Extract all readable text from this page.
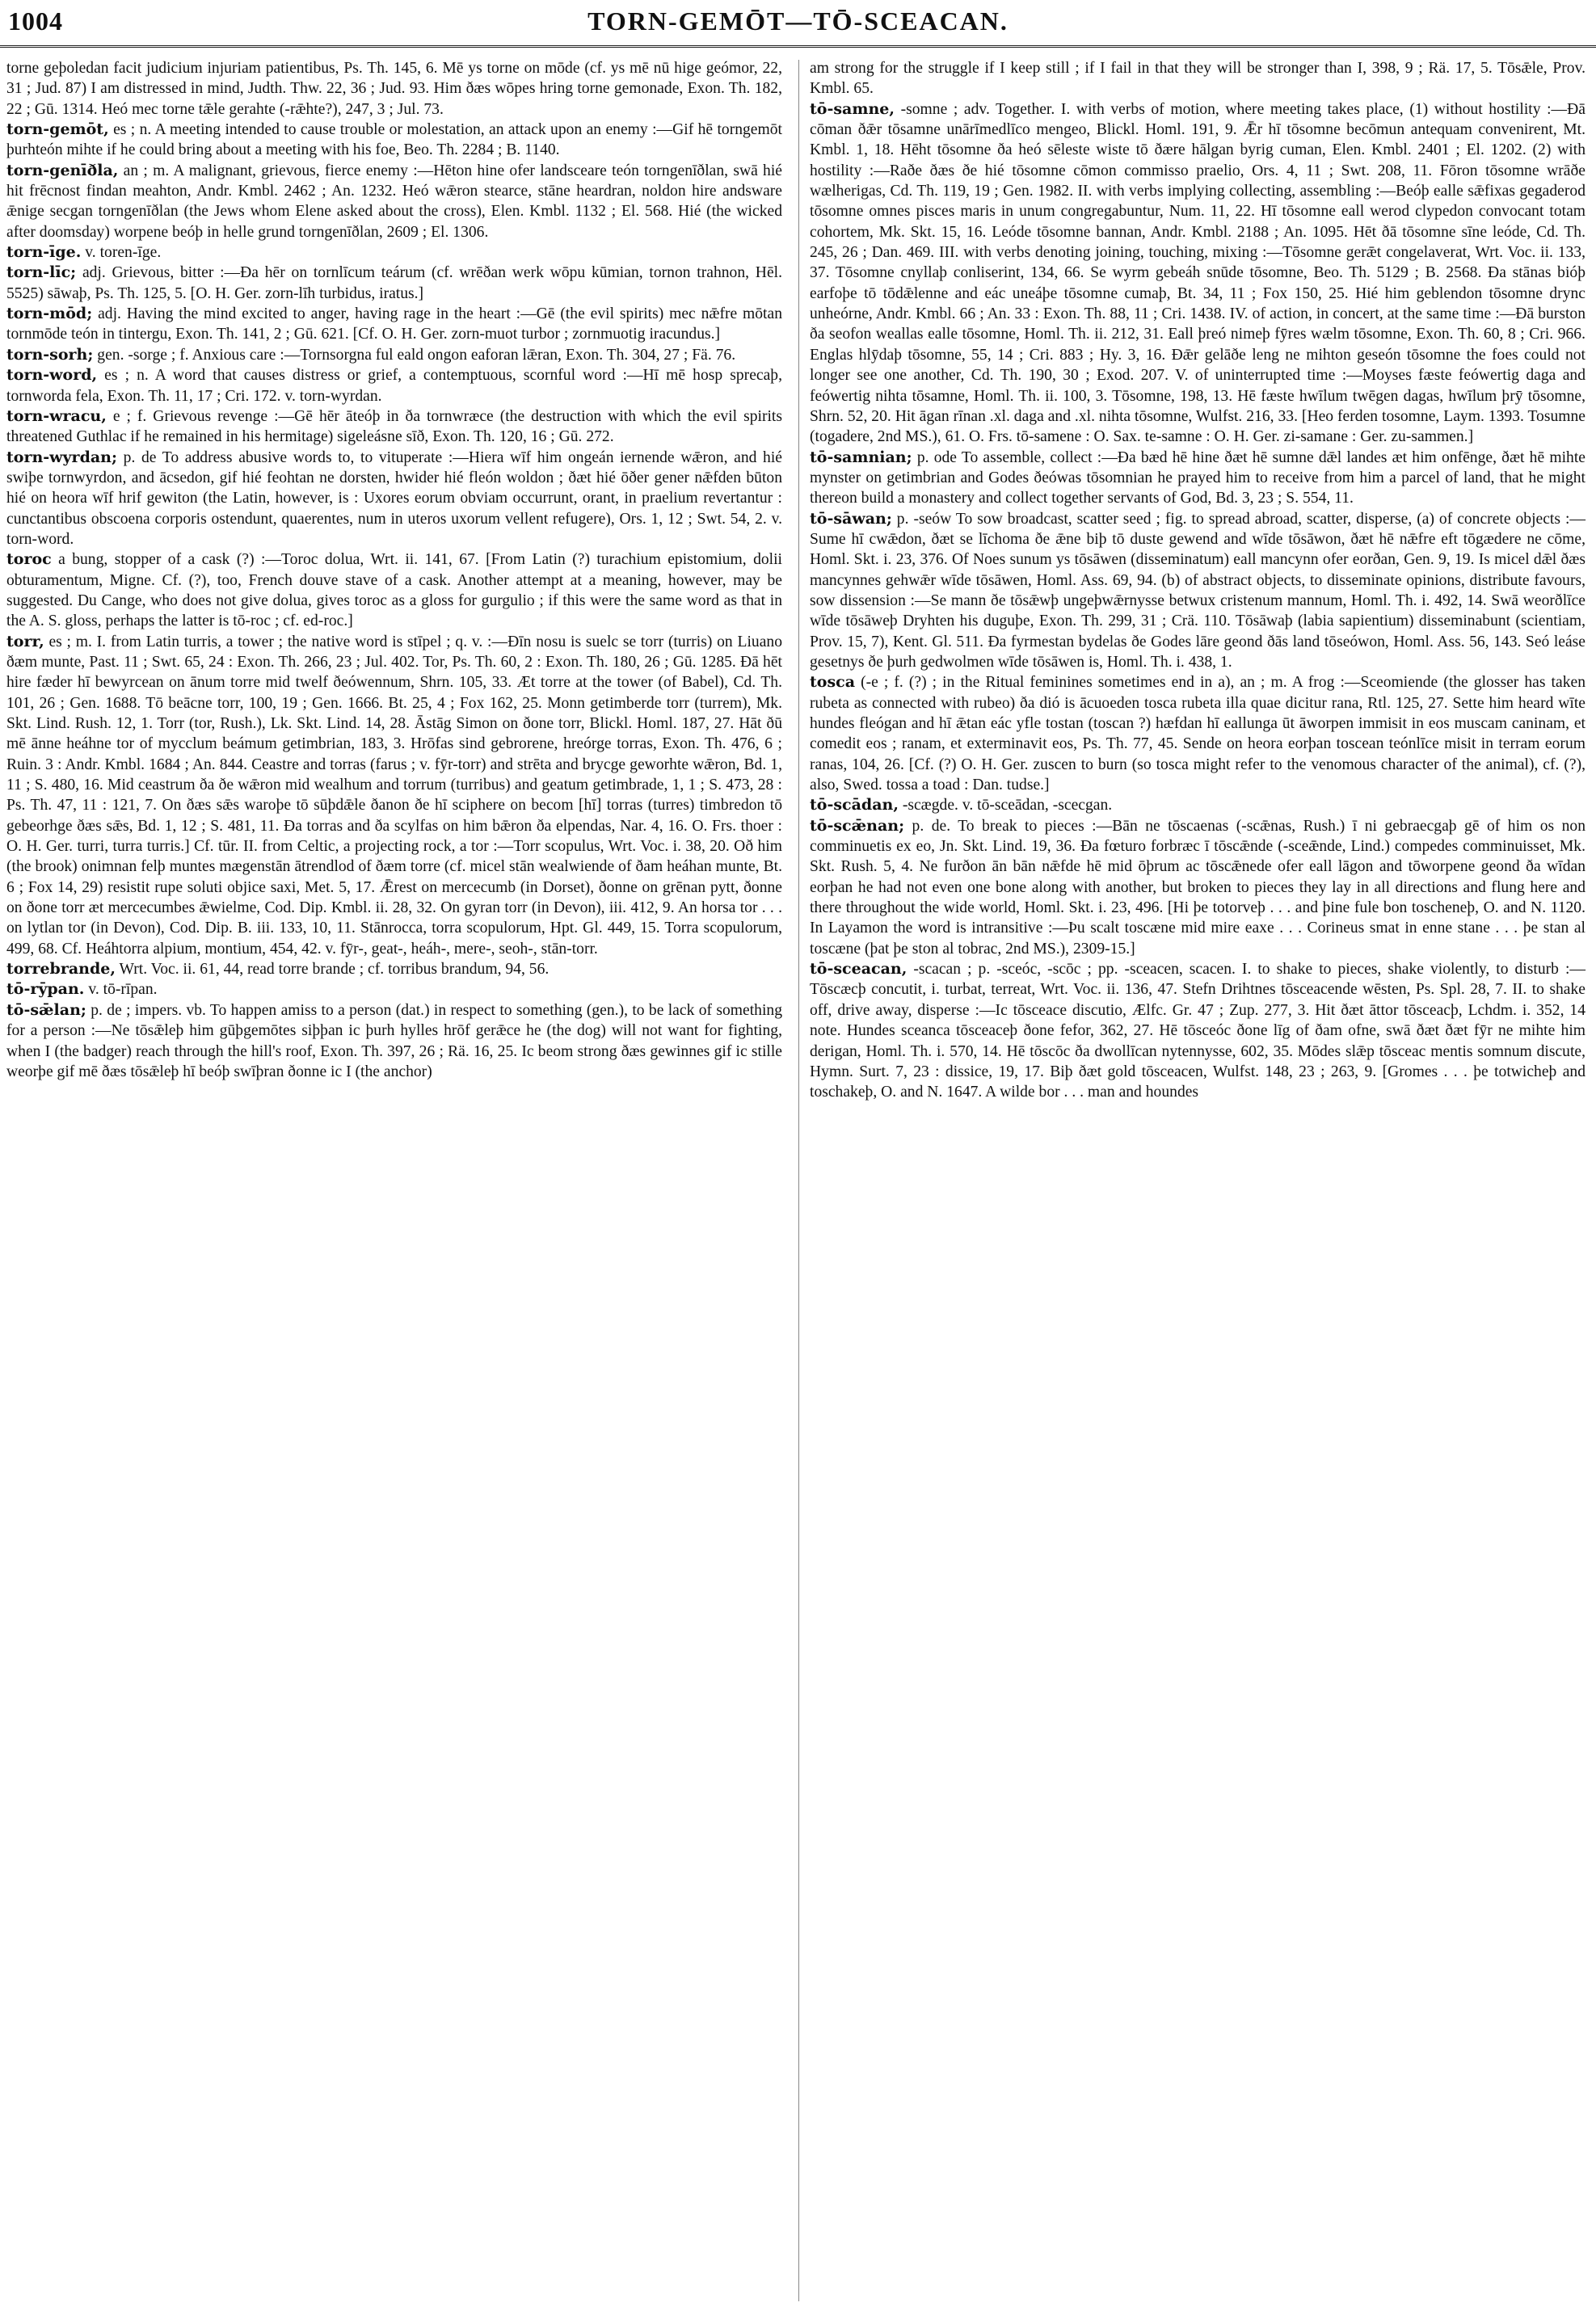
1004	TORN-GEMŌT—TŌ-SCEACAN.

torne geþoledan facit judicium injuriam patientibus, Ps. Th. 145, 6. Mē ys torne on mōde (cf. ys mē nū hige geómor, 22, 31 ; Jud. 87) I am distressed in mind, Judth. Thw. 22, 36 ; Jud. 93. Him ðæs wōpes hring torne gemonade, Exon. Th. 182, 22 ; Gū. 1314. Heó mec torne tǣle gerahte (-rǣhte?), 247, 3 ; Jul. 73.

torn-gemōt, es ; n. A meeting intended to cause trouble or molestation, an attack upon an enemy :—Gif hē torngemōt þurhteón mihte if he could bring about a meeting with his foe, Beo. Th. 2284 ; B. 1140.

torn-genīðla, an ; m. A malignant, grievous, fierce enemy :—Hēton hine ofer landsceare teón torngenīðlan, swā hié hit frēcnost findan meahton, Andr. Kmbl. 2462 ; An. 1232. Heó wǣron stearce, stāne heardran, noldon hire andsware ǣnige secgan torngenīðlan (the Jews whom Elene asked about the cross), Elen. Kmbl. 1132 ; El. 568. Hié (the wicked after doomsday) worpene beóþ in helle grund torngenīðlan, 2609 ; El. 1306.

torn-īge. v. toren-īge.

torn-līc; adj. Grievous, bitter :—Ða hēr on tornlīcum teárum (cf. wrēðan werk wōpu kūmian, tornon trahnon, Hēl. 5525) sāwaþ, Ps. Th. 125, 5. [O. H. Ger. zorn-līh turbidus, iratus.]

torn-mōd; adj. Having the mind excited to anger, having rage in the heart :—Gē (the evil spirits) mec nǣfre mōtan tornmōde teón in tintergu, Exon. Th. 141, 2 ; Gū. 621. [Cf. O. H. Ger. zorn-muot turbor ; zornmuotig iracundus.]

torn-sorh; gen. -sorge ; f. Anxious care :—Tornsorgna ful eald ongon eaforan lǣran, Exon. Th. 304, 27 ; Fä. 76.

torn-word, es ; n. A word that causes distress or grief, a contemptuous, scornful word :—Hī mē hosp sprecaþ, tornworda fela, Exon. Th. 11, 17 ; Cri. 172. v. torn-wyrdan.

torn-wracu, e ; f. Grievous revenge :—Gē hēr āteóþ in ða tornwræce (the destruction with which the evil spirits threatened Guthlac if he remained in his hermitage) sigeleásne sīð, Exon. Th. 120, 16 ; Gū. 272.

torn-wyrdan; p. de To address abusive words to, to vituperate :—Hiera wīf him ongeán iernende wǣron, and hié swiþe tornwyrdon, and ācsedon, gif hié feohtan ne dorsten, hwider hié fleón woldon ; ðæt hié ōðer gener nǣfden būton hié on heora wīf hrif gewiton (the Latin, however, is : Uxores eorum obviam occurrunt, orant, in praelium revertantur : cunctantibus obscoena corporis ostendunt, quaerentes, num in uteros uxorum vellent refugere), Ors. 1, 12 ; Swt. 54, 2. v. torn-word.

toroc a bung, stopper of a cask (?) :—Toroc dolua, Wrt. ii. 141, 67. [From Latin (?) turachium epistomium, dolii obturamentum, Migne. Cf. (?), too, French douve stave of a cask. Another attempt at a meaning, however, may be suggested. Du Cange, who does not give dolua, gives toroc as a gloss for gurgulio ; if this were the same word as that in the A. S. gloss, perhaps the latter is tō-roc ; cf. ed-roc.]

torr, es ; m. I. from Latin turris, a tower ; the native word is stīpel ; q. v. :—Ðīn nosu is suelc se torr (turris) on Liuano ðæm munte, Past. 11 ; Swt. 65, 24 : Exon. Th. 266, 23 ; Jul. 402. Tor, Ps. Th. 60, 2 : Exon. Th. 180, 26 ; Gū. 1285. Ðā hēt hire fæder hī bewyrcean on ānum torre mid twelf ðeówennum, Shrn. 105, 33. Æt torre at the tower (of Babel), Cd. Th. 101, 26 ; Gen. 1688. Tō beācne torr, 100, 19 ; Gen. 1666. Bt. 25, 4 ; Fox 162, 25. Monn getimberde torr (turrem), Mk. Skt. Lind. Rush. 12, 1. Torr (tor, Rush.), Lk. Skt. Lind. 14, 28. Āstāg Simon on ðone torr, Blickl. Homl. 187, 27. Hāt ðū mē ānne heáhne tor of mycclum beámum getimbrian, 183, 3. Hrōfas sind gebrorene, hreórge torras, Exon. Th. 476, 6 ; Ruin. 3 : Andr. Kmbl. 1684 ; An. 844. Ceastre and torras (farus ; v. fȳr-torr) and strēta and brycge geworhte wǣron, Bd. 1, 11 ; S. 480, 16. Mid ceastrum ða ðe wǣron mid wealhum and torrum (turribus) and geatum getimbrade, 1, 1 ; S. 473, 28 : Ps. Th. 47, 11 : 121, 7. On ðæs sǣs waroþe tō sūþdǣle ðanon ðe hī sciphere on becom [hī] torras (turres) timbredon tō gebeorhge ðæs sǣs, Bd. 1, 12 ; S. 481, 11. Ða torras and ða scylfas on him bǣron ða elpendas, Nar. 4, 16. O. Frs. thoer : O. H. Ger. turri, turra turris.] Cf. tūr. II. from Celtic, a projecting rock, a tor :—Torr scopulus, Wrt. Voc. i. 38, 20. Oð him (the brook) onimnan felþ muntes mægenstān ātrendlod of ðæm torre (cf. micel stān wealwiende of ðam heáhan munte, Bt. 6 ; Fox 14, 29) resistit rupe soluti objice saxi, Met. 5, 17. Ǣrest on mercecumb (in Dorset), ðonne on grēnan pytt, ðonne on ðone torr æt mercecumbes ǣwielme, Cod. Dip. Kmbl. ii. 28, 32. On gyran torr (in Devon), iii. 412, 9. An horsa tor . . . on lytlan tor (in Devon), Cod. Dip. B. iii. 133, 10, 11. Stānrocca, torra scopulorum, Hpt. Gl. 449, 15. Torra scopulorum, 499, 68. Cf. Heáhtorra alpium, montium, 454, 42. v. fȳr-, geat-, heáh-, mere-, seoh-, stān-torr.

torrebrande, Wrt. Voc. ii. 61, 44, read torre brande ; cf. torribus brandum, 94, 56.

tō-rȳpan. v. tō-rīpan.

tō-sǣlan; p. de ; impers. vb. To happen amiss to a person (dat.) in respect to something (gen.), to be lack of something for a person :—Ne tōsǣleþ him gūþgemōtes siþþan ic þurh hylles hrōf gerǣce he (the dog) will not want for fighting, when I (the badger) reach through the hill's roof, Exon. Th. 397, 26 ; Rä. 16, 25. Ic beom strong ðæs gewinnes gif ic stille weorþe gif mē ðæs tōsǣleþ hī beóþ swīþran ðonne ic I (the anchor)

am strong for the struggle if I keep still ; if I fail in that they will be stronger than I, 398, 9 ; Rä. 17, 5. Tōsǣle, Prov. Kmbl. 65.

tō-samne, -somne ; adv. Together. I. with verbs of motion, where meeting takes place, (1) without hostility :—Ðā cōman ðǣr tōsamne unārīmedlīco mengeo, Blickl. Homl. 191, 9. Ǣr hī tōsomne becōmun antequam convenirent, Mt. Kmbl. 1, 18. Hēht tōsomne ða heó sēleste wiste tō ðære hālgan byrig cuman, Elen. Kmbl. 2401 ; El. 1202. (2) with hostility :—Raðe ðæs ðe hié tōsomne cōmon commisso praelio, Ors. 4, 11 ; Swt. 208, 11. Fōron tōsomne wrāðe wælherigas, Cd. Th. 119, 19 ; Gen. 1982. II. with verbs implying collecting, assembling :—Beóþ ealle sǣfixas gegaderod tōsomne omnes pisces maris in unum congregabuntur, Num. 11, 22. Hī tōsomne eall werod clypedon convocant totam cohortem, Mk. Skt. 15, 16. Leóde tōsomne bannan, Andr. Kmbl. 2188 ; An. 1095. Hēt ðā tōsomne sīne leóde, Cd. Th. 245, 26 ; Dan. 469. III. with verbs denoting joining, touching, mixing :—Tōsomne gerǣt congelaverat, Wrt. Voc. ii. 133, 37. Tōsomne cnyllaþ conliserint, 134, 66. Se wyrm gebeáh snūde tōsomne, Beo. Th. 5129 ; B. 2568. Ða stānas bióþ earfoþe tō tōdǣlenne and eác uneáþe tōsomne cumaþ, Bt. 34, 11 ; Fox 150, 25. Hié him geblendon tōsomne drync unheórne, Andr. Kmbl. 66 ; An. 33 : Exon. Th. 88, 11 ; Cri. 1438. IV. of action, in concert, at the same time :—Ðā burston ða seofon weallas ealle tōsomne, Homl. Th. ii. 212, 31. Eall þreó nimeþ fȳres wælm tōsomne, Exon. Th. 60, 8 ; Cri. 966. Englas hlȳdaþ tōsomne, 55, 14 ; Cri. 883 ; Hy. 3, 16. Ðǣr gelāðe leng ne mihton geseón tōsomne the foes could not longer see one another, Cd. Th. 190, 30 ; Exod. 207. V. of uninterrupted time :—Moyses fæste feówertig daga and feówertig nihta tōsamne, Homl. Th. ii. 100, 3. Tōsomne, 198, 13. Hē fæste hwīlum twēgen dagas, hwīlum þrȳ tōsomne, Shrn. 52, 20. Hit āgan rīnan .xl. daga and .xl. nihta tōsomne, Wulfst. 216, 33. [Heo ferden tosomne, Laym. 1393. Tosumne (togadere, 2nd MS.), 61. O. Frs. tō-samene : O. Sax. te-samne : O. H. Ger. zi-samane : Ger. zu-sammen.]

tō-samnian; p. ode To assemble, collect :—Ða bæd hē hine ðæt hē sumne dǣl landes æt him onfēnge, ðæt hē mihte mynster on getimbrian and Godes ðeówas tōsomnian he prayed him to receive from him a parcel of land, that he might thereon build a monastery and collect together servants of God, Bd. 3, 23 ; S. 554, 11.

tō-sāwan; p. -seów To sow broadcast, scatter seed ; fig. to spread abroad, scatter, disperse, (a) of concrete objects :—Sume hī cwǣdon, ðæt se līchoma ðe ǣne biþ tō duste gewend and wīde tōsāwon, ðæt hē nǣfre eft tōgædere ne cōme, Homl. Skt. i. 23, 376. Of Noes sunum ys tōsāwen (disseminatum) eall mancynn ofer eorðan, Gen. 9, 19. Is micel dǣl ðæs mancynnes gehwǣr wīde tōsāwen, Homl. Ass. 69, 94. (b) of abstract objects, to disseminate opinions, distribute favours, sow dissension :—Se mann ðe tōsǣwþ ungeþwǣrnysse betwux cristenum mannum, Homl. Th. i. 492, 14. Swā weorðlīce wīde tōsāweþ Dryhten his duguþe, Exon. Th. 299, 31 ; Crä. 110. Tōsāwaþ (labia sapientium) disseminabunt (scientiam, Prov. 15, 7), Kent. Gl. 511. Ða fyrmestan bydelas ðe Godes lāre geond ðās land tōseówon, Homl. Ass. 56, 143. Seó leáse gesetnys ðe þurh gedwolmen wīde tōsāwen is, Homl. Th. i. 438, 1.

tosca (-e ; f. (?) ; in the Ritual feminines sometimes end in a), an ; m. A frog :—Sceomiende (the glosser has taken rubeta as connected with rubeo) ða dió is ācuoeden tosca rubeta illa quae dicitur rana, Rtl. 125, 27. Sette him heard wīte hundes fleógan and hī ǣtan eác yfle tostan (toscan ?) hæfdan hī eallunga ūt āworpen immisit in eos muscam caninam, et comedit eos ; ranam, et exterminavit eos, Ps. Th. 77, 45. Sende on heora eorþan toscean teónlīce misit in terram eorum ranas, 104, 26. [Cf. (?) O. H. Ger. zuscen to burn (so tosca might refer to the venomous character of the animal), cf. (?), also, Swed. tossa a toad : Dan. tudse.]

tō-scādan, -scægde. v. tō-sceādan, -scecgan.

tō-scǣnan; p. de. To break to pieces :—Bān ne tōscaenas (-scǣnas, Rush.) ī ni gebraecgaþ gē of him os non comminuetis ex eo, Jn. Skt. Lind. 19, 36. Ða fœturo forbræc ī tōscǣnde (-sceǣnde, Lind.) compedes comminuisset, Mk. Skt. Rush. 5, 4. Ne furðon ān bān nǣfde hē mid ōþrum ac tōscǣnede ofer eall lāgon and tōworpene geond ða wīdan eorþan he had not even one bone along with another, but broken to pieces they lay in all directions and flung here and there throughout the wide world, Homl. Skt. i. 23, 496. [Hi þe totorveþ . . . and þine fule bon toscheneþ, O. and N. 1120. In Layamon the word is intransitive :—Þu scalt toscæne mid mire eaxe . . . Corineus smat in enne stane . . . þe stan al toscæne (þat þe ston al tobrac, 2nd MS.), 2309-15.]

tō-sceacan, -scacan ; p. -sceóc, -scōc ; pp. -sceacen, scacen. I. to shake to pieces, shake violently, to disturb :—Tōscæcþ concutit, i. turbat, terreat, Wrt. Voc. ii. 136, 47. Stefn Drihtnes tōsceacende wēsten, Ps. Spl. 28, 7. II. to shake off, drive away, disperse :—Ic tōsceace discutio, Ælfc. Gr. 47 ; Zup. 277, 3. Hit ðæt āttor tōsceacþ, Lchdm. i. 352, 14 note. Hundes sceanca tōsceaceþ ðone fefor, 362, 27. Hē tōsceóc ðone līg of ðam ofne, swā ðæt ðæt fȳr ne mihte him derigan, Homl. Th. i. 570, 14. Hē tōscōc ða dwollīcan nytennysse, 602, 35. Mōdes slǣp tōsceac mentis somnum discute, Hymn. Surt. 7, 23 : dissice, 19, 17. Biþ ðæt gold tōsceacen, Wulfst. 148, 23 ; 263, 9. [Gromes . . . þe totwicheþ and toschakeþ, O. and N. 1647. A wilde bor . . . man and houndes
